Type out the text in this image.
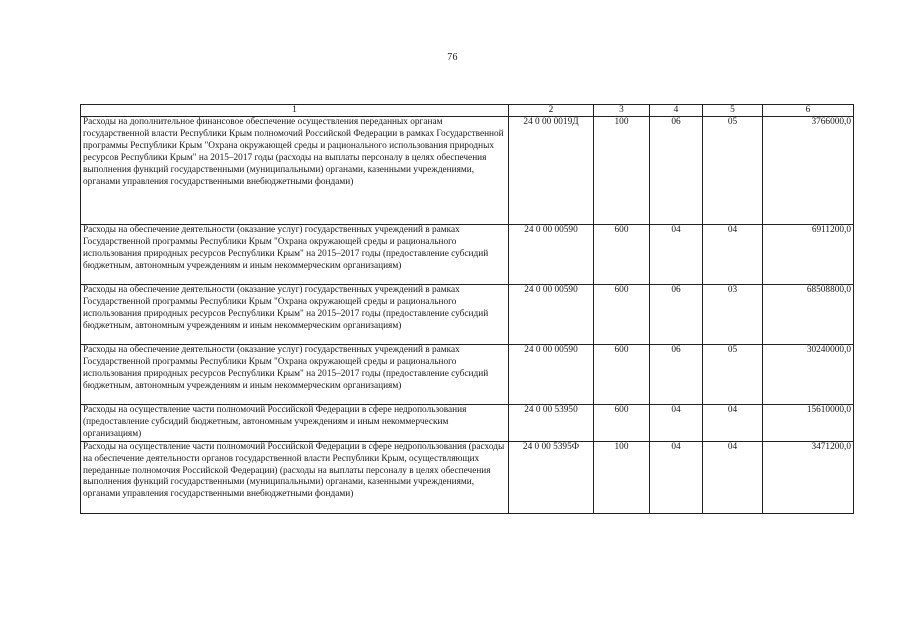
76
1	2	3	4	5	6
Расходы на дополнительное финансовое обеспечение осуществления переданных органам государственной власти Республики Крым полномочий Российской Федерации в рамках Государственной программы Республики Крым "Охрана окружающей среды и рационального использования природных ресурсов Республики Крым" на 2015–2017 годы (расходы на выплаты персоналу в целях обеспечения выполнения функций государственными (муниципальными) органами, казенными учреждениями, органами управления государственными внебюджетными фондами)	24 0 00 0019Д	100	06	05	3766000,0
Расходы на обеспечение деятельности (оказание услуг) государственных учреждений в рамках Государственной программы Республики Крым "Охрана окружающей среды и рационального использования природных ресурсов Республики Крым" на 2015–2017 годы (предоставление субсидий бюджетным, автономным учреждениям и иным некоммерческим организациям)	24 0 00 00590	600	04	04	6911200,0
Расходы на обеспечение деятельности (оказание услуг) государственных учреждений в рамках Государственной программы Республики Крым "Охрана окружающей среды и рационального использования природных ресурсов Республики Крым" на 2015–2017 годы (предоставление субсидий бюджетным, автономным учреждениям и иным некоммерческим организациям)	24 0 00 00590	600	06	03	68508800,0
Расходы на обеспечение деятельности (оказание услуг) государственных учреждений в рамках Государственной программы Республики Крым "Охрана окружающей среды и рационального использования природных ресурсов Республики Крым" на 2015–2017 годы (предоставление субсидий бюджетным, автономным учреждениям и иным некоммерческим организациям)	24 0 00 00590	600	06	05	30240000,0
Расходы на осуществление части полномочий Российской Федерации в сфере недропользования (предоставление субсидий бюджетным, автономным учреждениям и иным некоммерческим организациям)	24 0 00 53950	600	04	04	15610000,0
Расходы на осуществление части полномочий Российской Федерации в сфере недропользования (расходы на обеспечение деятельности органов государственной власти Республики Крым, осуществляющих переданные полномочия Российской Федерации) (расходы на выплаты персоналу в целях обеспечения выполнения функций государственными (муниципальными) органами, казенными учреждениями, органами управления государственными внебюджетными фондами)	24 0 00 5395Ф	100	04	04	3471200,0
